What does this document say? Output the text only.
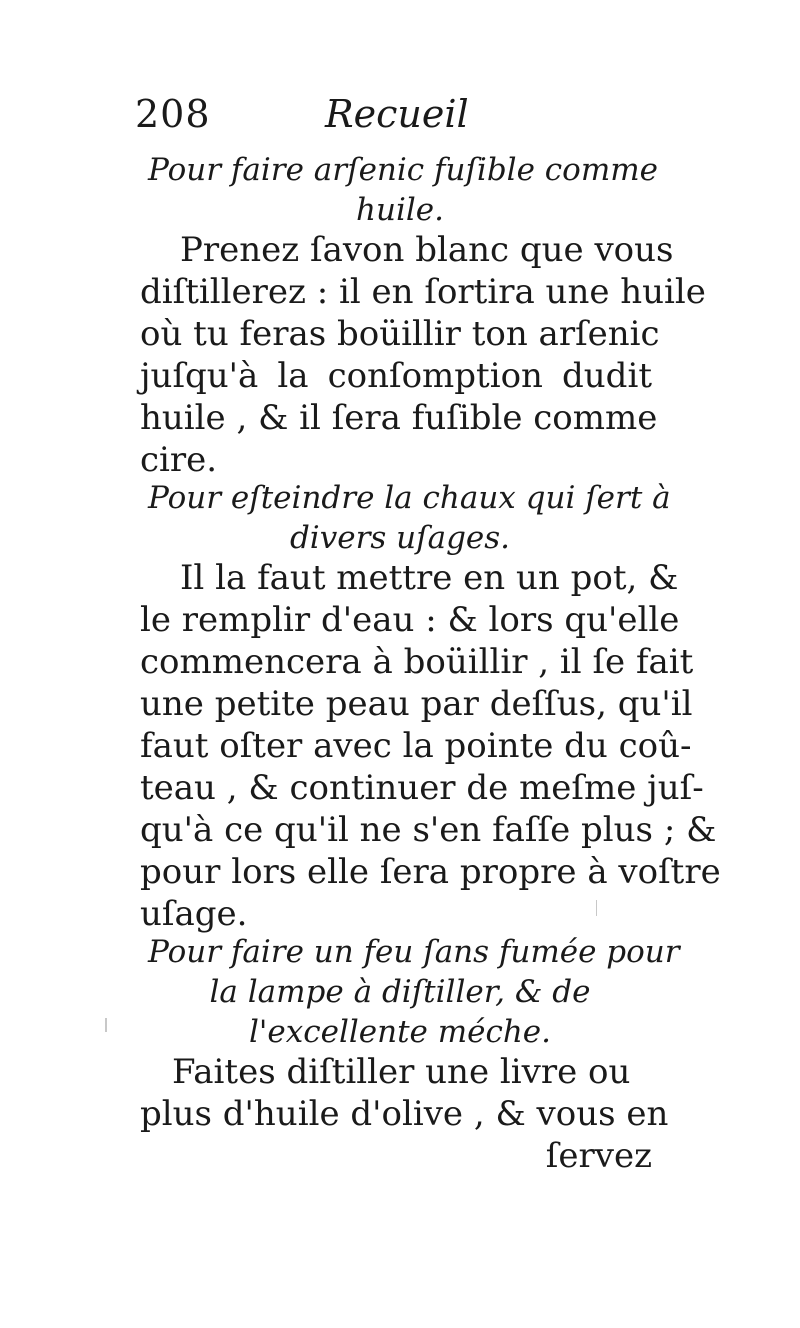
208	Recueil
Pour faire arſenic fuſible comme
huile.
Prenez ſavon blanc que vous
diſtillerez : il en ſortira une huile
où tu feras boüillir ton arſenic
juſqu'à la conſomption dudit
huile , & il ſera fuſible comme
cire.
Pour eſteindre la chaux qui ſert à
divers uſages.
Il la faut mettre en un pot, &
le remplir d'eau : & lors qu'elle
commencera à boüillir , il ſe fait
une petite peau par deſſus, qu'il
faut oſter avec la pointe du coû-
teau , & continuer de meſme juſ-
qu'à ce qu'il ne s'en faſſe plus ; &
pour lors elle ſera propre à voſtre
uſage.
Pour faire un feu ſans fumée pour
la lampe à diſtiller, & de
l'excellente méche.
Faites diſtiller une livre ou
plus d'huile d'olive , & vous en
ſervez
